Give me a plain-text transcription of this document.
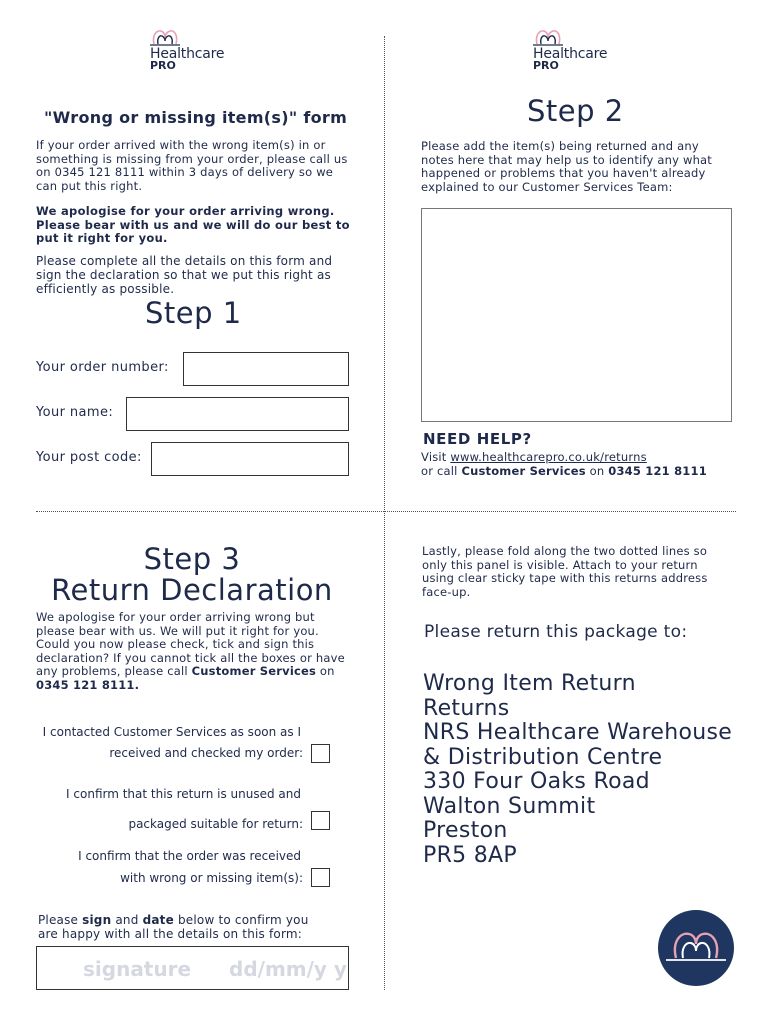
Healthcare
PRO
"Wrong or missing item(s)" form
If your order arrived with the wrong item(s) in or
something is missing from your order, please call us
on 0345 121 8111 within 3 days of delivery so we
can put this right.
We apologise for your order arriving wrong.
Please bear with us and we will do our best to
put it right for you.
Please complete all the details on this form and
sign the declaration so that we put this right as
efficiently as possible.
Step 1
Your order number:
Your name:
Your post code:
Healthcare
PRO
Step 2
Please add the item(s) being returned and any
notes here that may help us to identify any what
happened or problems that you haven't already
explained to our Customer Services Team:
NEED HELP?
Visit www.healthcarepro.co.uk/returns
or call Customer Services on 0345 121 8111
Step 3
Return Declaration
We apologise for your order arriving wrong but
please bear with us. We will put it right for you.
Could you now please check, tick and sign this
declaration? If you cannot tick all the boxes or have
any problems, please call Customer Services on
0345 121 8111.
I contacted Customer Services as soon as I
received and checked my order:
I confirm that this return is unused and
packaged suitable for return:
I confirm that the order was received
with wrong or missing item(s):
Please sign and date below to confirm you
are happy with all the details on this form:
signature dd/mm/y y
Lastly, please fold along the two dotted lines so
only this panel is visible. Attach to your return
using clear sticky tape with this returns address
face-up.
Please return this package to:
Wrong Item Return
Returns
NRS Healthcare Warehouse
& Distribution Centre
330 Four Oaks Road
Walton Summit
Preston
PR5 8AP
